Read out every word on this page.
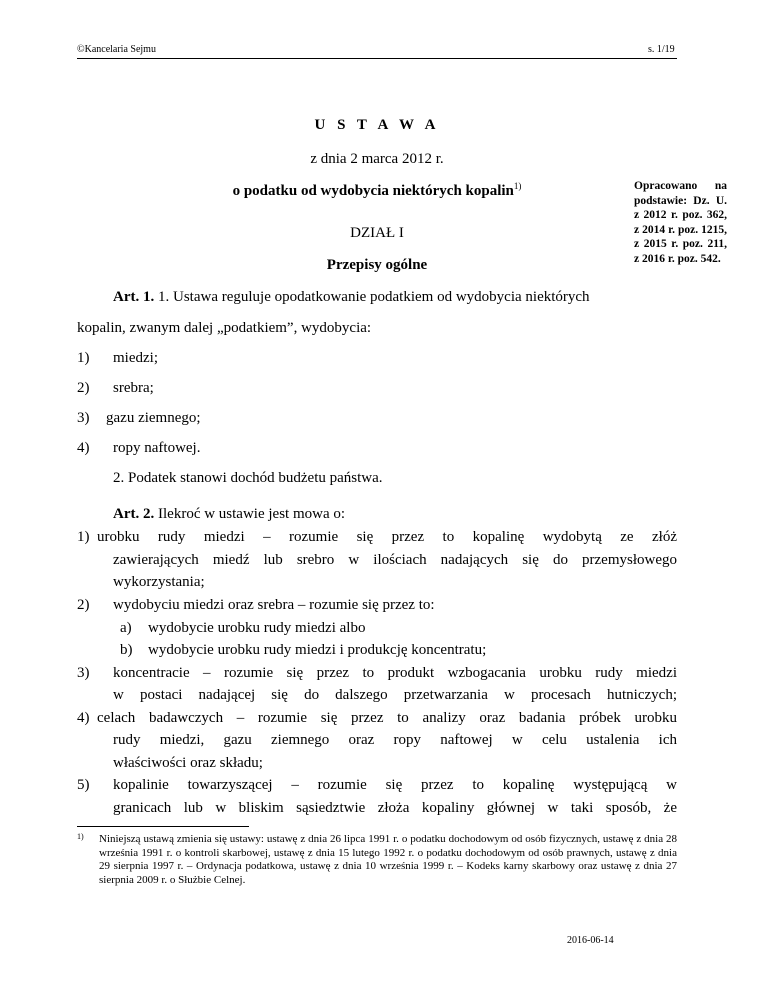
©Kancelaria Sejmu	s. 1/19
U S T A W A
z dnia 2 marca 2012 r.
o podatku od wydobycia niektórych kopalin$^{1)}$
DZIAŁ I
Przepisy ogólne
Opracowano na podstawie: Dz. U. z 2012 r. poz. 362, z 2014 r. poz. 1215, z 2015 r. poz. 211, z 2016 r. poz. 542.
Art. 1. 1. Ustawa reguluje opodatkowanie podatkiem od wydobycia niektórych
kopalin, zwanym dalej „podatkiem”, wydobycia:
1) miedzi;
2) srebra;
3) gazu ziemnego;
4) ropy naftowej.
2. Podatek stanowi dochód budżetu państwa.
Art. 2. Ilekroć w ustawie jest mowa o:
1) urobku rudy miedzi – rozumie się przez to kopalinę wydobytą ze złóż
zawierających miedź lub srebro w ilościach nadających się do przemysłowego
wykorzystania;
2) wydobyciu miedzi oraz srebra – rozumie się przez to:
a) wydobycie urobku rudy miedzi albo
b) wydobycie urobku rudy miedzi i produkcję koncentratu;
3) koncentracie – rozumie się przez to produkt wzbogacania urobku rudy miedzi
w postaci nadającej się do dalszego przetwarzania w procesach hutniczych;
4) celach badawczych – rozumie się przez to analizy oraz badania próbek urobku
1) Niniejszą ustawą zmienia się ustawy: ustawę z dnia 26 lipca 1991 r. o podatku dochodowym od osób fizycznych, ustawę z dnia 28 września 1991 r. o kontroli skarbowej, ustawę z dnia 15 lutego 1992 r. o podatku dochodowym od osób prawnych, ustawę z dnia 29 sierpnia 1997 r. – Ordynacja podatkowa, ustawę z dnia 10 września 1999 r. – Kodeks karny skarbowy oraz ustawę z dnia 27 sierpnia 2009 r. o Służbie Celnej.
2016-06-14
rudy miedzi, gazu ziemnego oraz ropy naftowej w celu ustalenia ich
właściwości oraz składu;
5) kopalinie towarzyszącej – rozumie się przez to kopalinę występującą w
granicach lub w bliskim sąsiedztwie złoża kopaliny głównej w taki sposób, że
